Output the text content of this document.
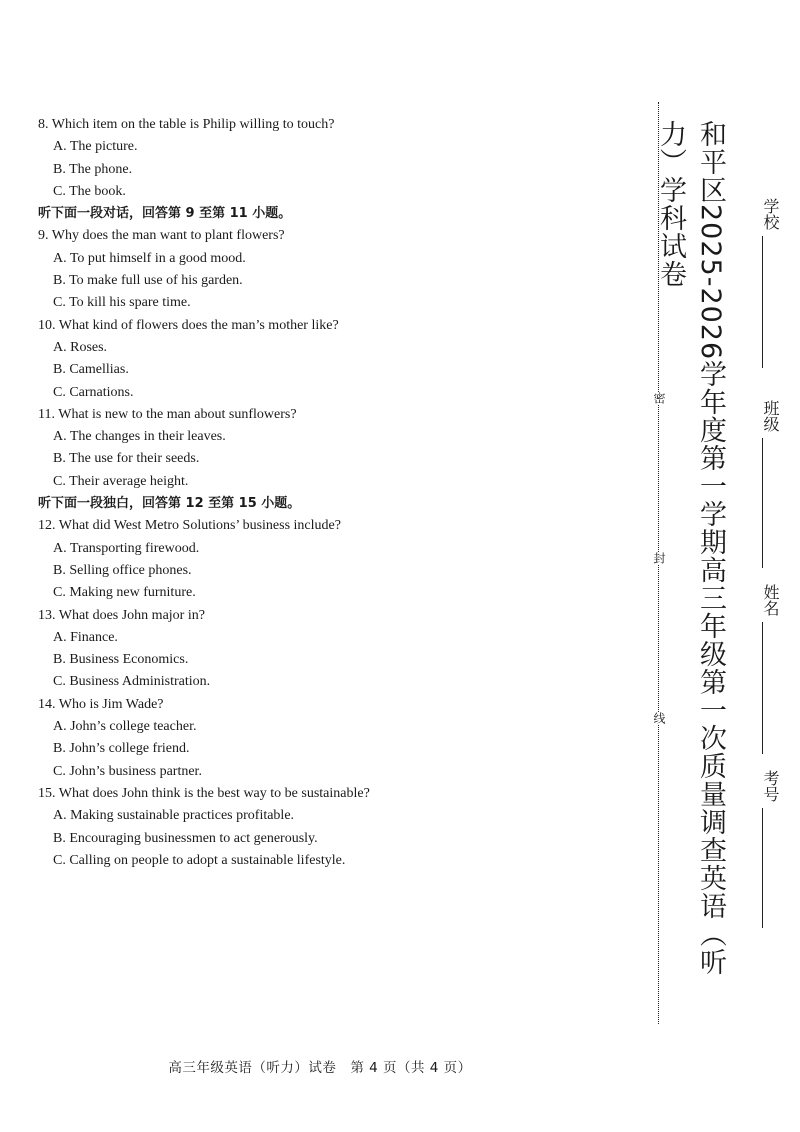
8. Which item on the table is Philip willing to touch?
A. The picture.
B. The phone.
C. The book.
听下面一段对话，回答第 9 至第 11 小题。
9. Why does the man want to plant flowers?
A. To put himself in a good mood.
B. To make full use of his garden.
C. To kill his spare time.
10. What kind of flowers does the man’s mother like?
A. Roses.
B. Camellias.
C. Carnations.
11. What is new to the man about sunflowers?
A. The changes in their leaves.
B. The use for their seeds.
C. Their average height.
听下面一段独白，回答第 12 至第 15 小题。
12. What did West Metro Solutions’ business include?
A. Transporting firewood.
B. Selling office phones.
C. Making new furniture.
13. What does John major in?
A. Finance.
B. Business Economics.
C. Business Administration.
14. Who is Jim Wade?
A. John’s college teacher.
B. John’s college friend.
C. John’s business partner.
15. What does John think is the best way to be sustainable?
A. Making sustainable practices profitable.
B. Encouraging businessmen to act generously.
C. Calling on people to adopt a sustainable lifestyle.
密
封
线 和平区2025-2026学年度第一学期高三年级第一次质量调查英语（听力）学科试卷	学校
班级
姓名
考号
高三年级英语（听力）试卷　第 4 页（共 4 页）
